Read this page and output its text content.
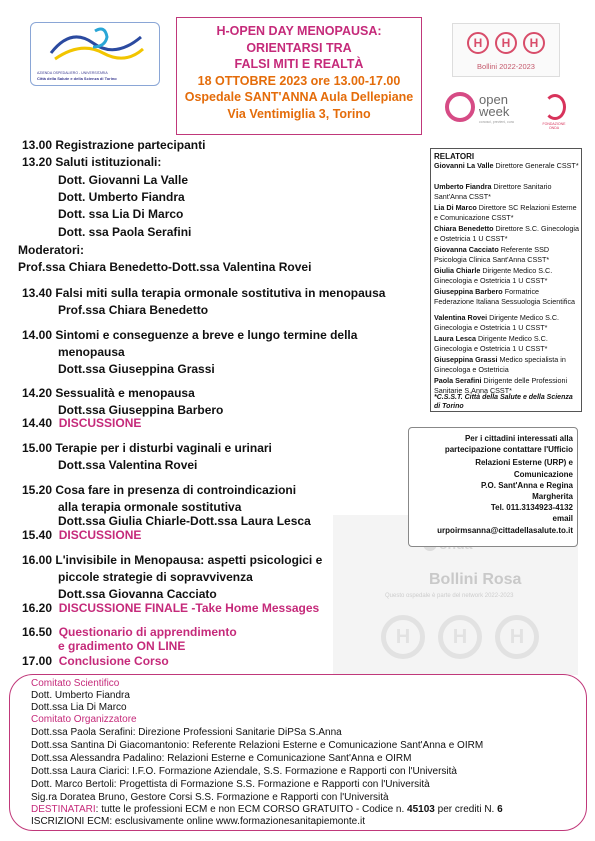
AZIENDA OSPEDALIERO - UNIVERSITARIA
Città della Salute e della Scienza di Torino
H-OPEN DAY MENOPAUSA:
ORIENTARSI TRA
FALSI MITI E REALTÀ
18 OTTOBRE 2023 ore 13.00-17.00
Ospedale SANT'ANNA Aula Dellepiane
Via Ventimiglia 3, Torino
H	H	H
Bollini 2022-2023
open
week
conosci, previeni, cura	FONDAZIONE ONDA
13.00 Registrazione partecipanti
13.20 Saluti istituzionali:
Dott. Giovanni La Valle
Dott. Umberto Fiandra
Dott. ssa Lia Di Marco
Dott. ssa Paola Serafini
Moderatori:
Prof.ssa Chiara Benedetto-Dott.ssa Valentina Rovei
13.40 Falsi miti sulla terapia ormonale sostitutiva in menopausa
Prof.ssa Chiara Benedetto
14.00 Sintomi e conseguenze a breve e lungo termine della
menopausa
Dott.ssa Giuseppina Grassi
14.20 Sessualità e menopausa
Dott.ssa Giuseppina Barbero
14.40 DISCUSSIONE
15.00 Terapie per i disturbi vaginali e urinari
Dott.ssa Valentina Rovei
15.20 Cosa fare in presenza di controindicazioni
alla terapia ormonale sostitutiva
Dott.ssa Giulia Chiarle-Dott.ssa Laura Lesca
15.40 DISCUSSIONE
16.00 L'invisibile in Menopausa: aspetti psicologici e
piccole strategie di sopravvivenza
Dott.ssa Giovanna Cacciato
16.20 DISCUSSIONE FINALE -Take Home Messages
16.50 Questionario di apprendimento
e gradimento ON LINE
17.00 Conclusione Corso
RELATORI
Giovanni La Valle Direttore Generale CSST*
Umberto Fiandra Direttore Sanitario Sant'Anna CSST*
Lia Di Marco Direttore SC Relazioni Esterne e Comunicazione CSST*
Chiara Benedetto Direttore S.C. Ginecologia e Ostetricia 1 U CSST*
Giovanna Cacciato Referente SSD Psicologia Clinica Sant'Anna CSST*
Giulia Chiarle Dirigente Medico S.C. Ginecologia e Ostetricia 1 U CSST*
Giuseppina Barbero Formatrice Federazione Italiana Sessuologia Scientifica
Valentina Rovei Dirigente Medico S.C. Ginecologia e Ostetricia 1 U CSST*
Laura Lesca Dirigente Medico S.C. Ginecologia e Ostetricia 1 U CSST*
Giuseppina Grassi Medico specialista in Ginecologa e Ostetricia
Paola Serafini Dirigente delle Professioni Sanitarie S.Anna CSST*
*C.S.S.T. Città della Salute e della Scienza di Torino
Bollini Rosa
Questo ospedale è parte del network 2022-2023
H	H	H
Per i cittadini interessati alla
partecipazione contattare l'Ufficio
Relazioni Esterne (URP) e
Comunicazione
P.O. Sant'Anna e Regina
Margherita
Tel. 011.3134923-4132
email
urpoirmsanna@cittadellasalute.to.it
Comitato Scientifico
Dott. Umberto Fiandra
Dott.ssa Lia Di Marco
Comitato Organizzatore
Dott.ssa Paola Serafini: Direzione Professioni Sanitarie DiPSa S.Anna
Dott.ssa Santina Di Giacomantonio: Referente Relazioni Esterne e Comunicazione Sant'Anna e OIRM
Dott.ssa Alessandra Padalino: Relazioni Esterne e Comunicazione Sant'Anna e OIRM
Dott.ssa Laura Ciarici: I.F.O. Formazione Aziendale, S.S. Formazione e Rapporti con l'Università
Dott. Marco Bertoli: Progettista di Formazione S.S. Formazione e Rapporti con l'Università
Sig.ra Doratea Bruno, Gestore Corsi S.S. Formazione e Rapporti con l'Università
DESTINATARI: tutte le professioni ECM e non ECM CORSO GRATUITO - Codice n. 45103 per crediti N. 6
ISCRIZIONI ECM: esclusivamente online www.formazionesanitapiemonte.it
